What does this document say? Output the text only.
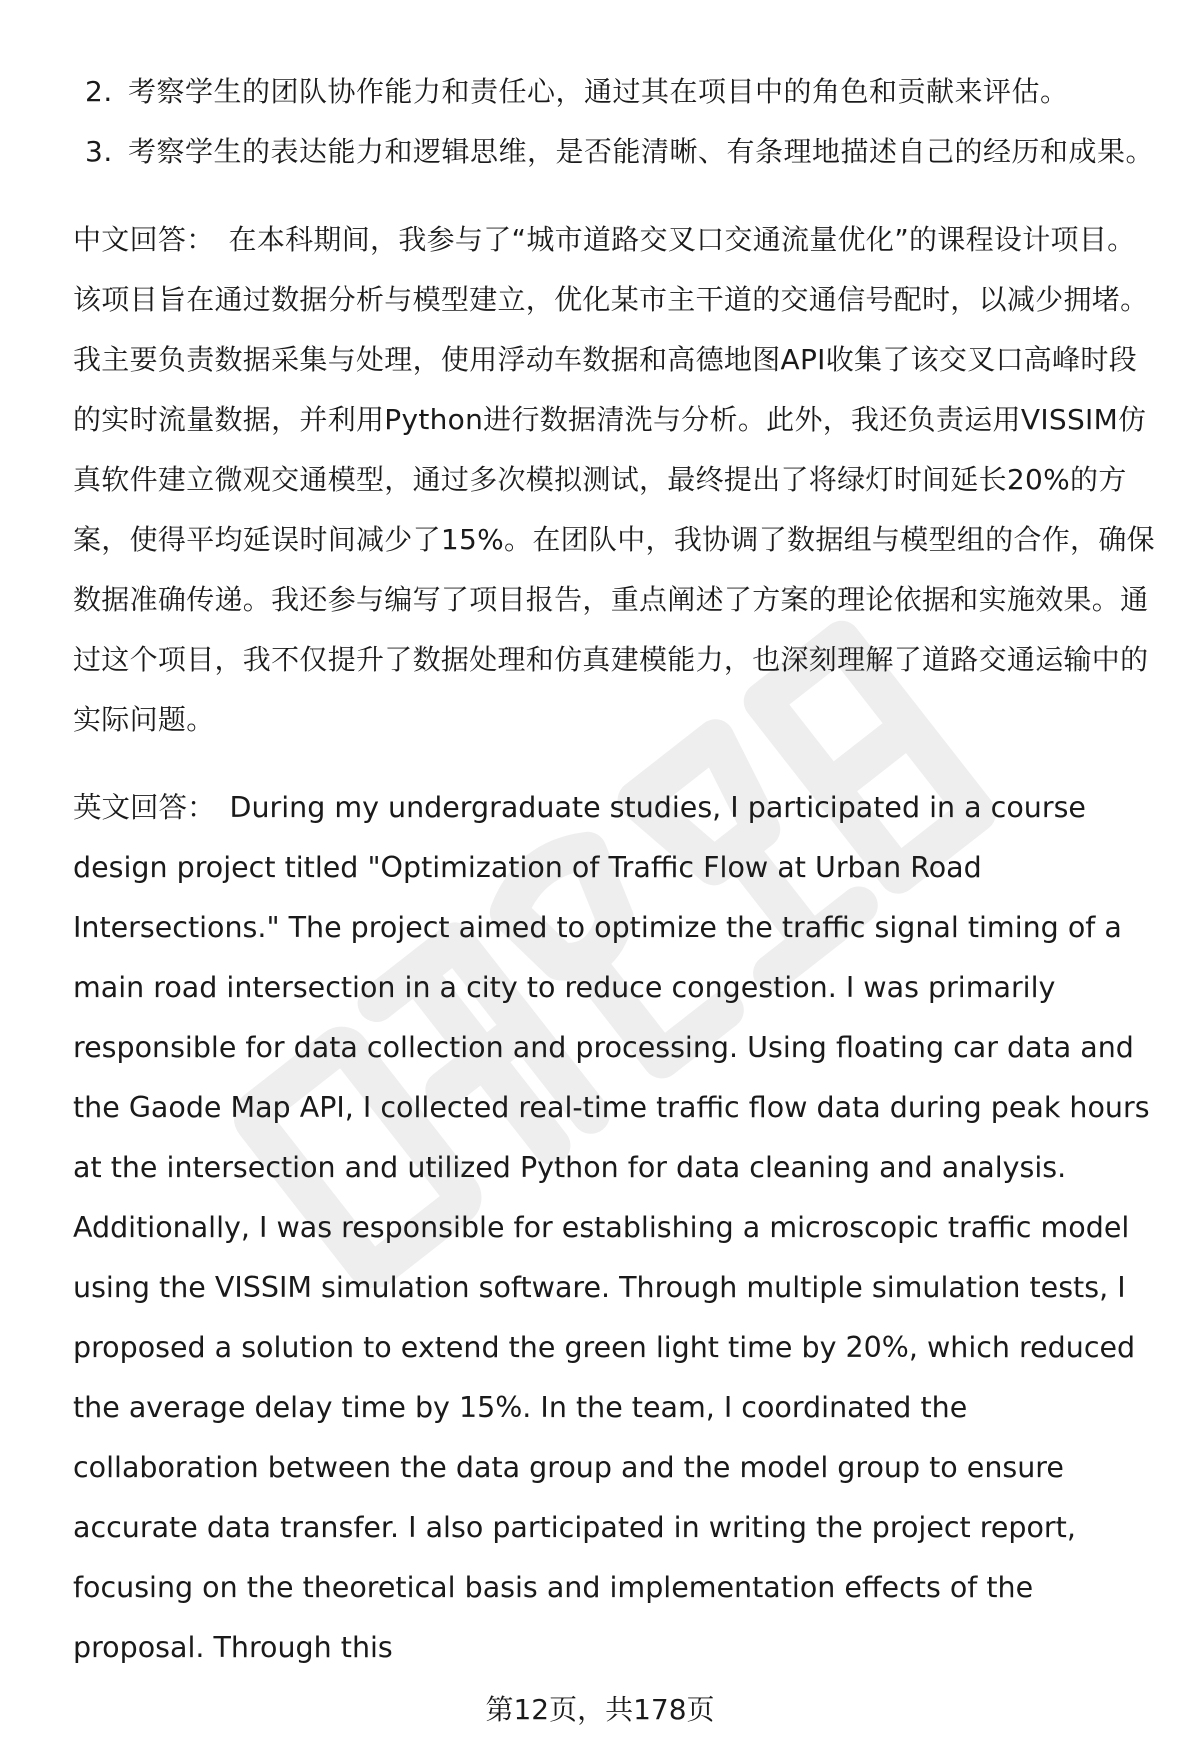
2. 考察学生的团队协作能力和责任心，通过其在项目中的角色和贡献来评估。
3. 考察学生的表达能力和逻辑思维，是否能清晰、有条理地描述自己的经历和成果。

中文回答： 在本科期间，我参与了“城市道路交叉口交通流量优化”的课程设计项目。该项目旨在通过数据分析与模型建立，优化某市主干道的交通信号配时，以减少拥堵。我主要负责数据采集与处理，使用浮动车数据和高德地图API收集了该交叉口高峰时段的实时流量数据，并利用Python进行数据清洗与分析。此外，我还负责运用VISSIM仿真软件建立微观交通模型，通过多次模拟测试，最终提出了将绿灯时间延长20%的方案，使得平均延误时间减少了15%。在团队中，我协调了数据组与模型组的合作，确保数据准确传递。我还参与编写了项目报告，重点阐述了方案的理论依据和实施效果。通过这个项目，我不仅提升了数据处理和仿真建模能力，也深刻理解了道路交通运输中的实际问题。

英文回答： During my undergraduate studies, I participated in a course design project titled "Optimization of Traffic Flow at Urban Road Intersections." The project aimed to optimize the traffic signal timing of a main road intersection in a city to reduce congestion. I was primarily responsible for data collection and processing. Using floating car data and the Gaode Map API, I collected real-time traffic flow data during peak hours at the intersection and utilized Python for data cleaning and analysis. Additionally, I was responsible for establishing a microscopic traffic model using the VISSIM simulation software. Through multiple simulation tests, I proposed a solution to extend the green light time by 20%, which reduced the average delay time by 15%. In the team, I coordinated the collaboration between the data group and the model group to ensure accurate data transfer. I also participated in writing the project report, focusing on the theoretical basis and implementation effects of the proposal. Through this

第12页，共178页
